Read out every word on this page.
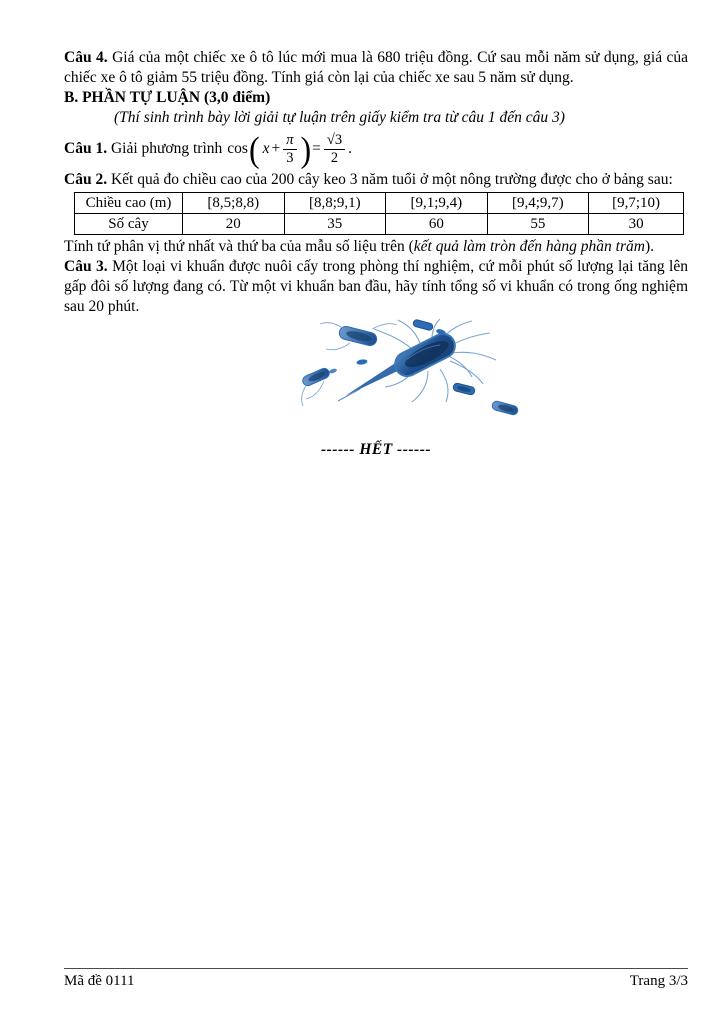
Câu 4. Giá của một chiếc xe ô tô lúc mới mua là 680 triệu đồng. Cứ sau mỗi năm sử dụng, giá của chiếc xe ô tô giảm 55 triệu đồng. Tính giá còn lại của chiếc xe sau 5 năm sử dụng.

B. PHẦN TỰ LUẬN (3,0 điểm)

(Thí sinh trình bày lời giải tự luận trên giấy kiểm tra từ câu 1 đến câu 3)

Câu 1.
Giải phương trình cos ( $x + \frac{\pi}{3}$ ) = $\frac{√3}{2}$ .

Câu 2. Kết quả đo chiều cao của 200 cây keo 3 năm tuổi ở một nông trường được cho ở bảng sau:

Chiều cao (m)	[8,5;8,8)	[8,8;9,1)	[9,1;9,4)	[9,4;9,7)	[9,7;10)
Số cây	20	35	60	55	30

Tính tứ phân vị thứ nhất và thứ ba của mẫu số liệu trên (kết quả làm tròn đến hàng phần trăm).

Câu 3. Một loại vi khuẩn được nuôi cấy trong phòng thí nghiệm, cứ mỗi phút số lượng lại tăng lên gấp đôi số lượng đang có. Từ một vi khuẩn ban đầu, hãy tính tổng số vi khuẩn có trong ống nghiệm sau 20 phút.

------ HẾT ------
Mã đề 0111	Trang 3/3
